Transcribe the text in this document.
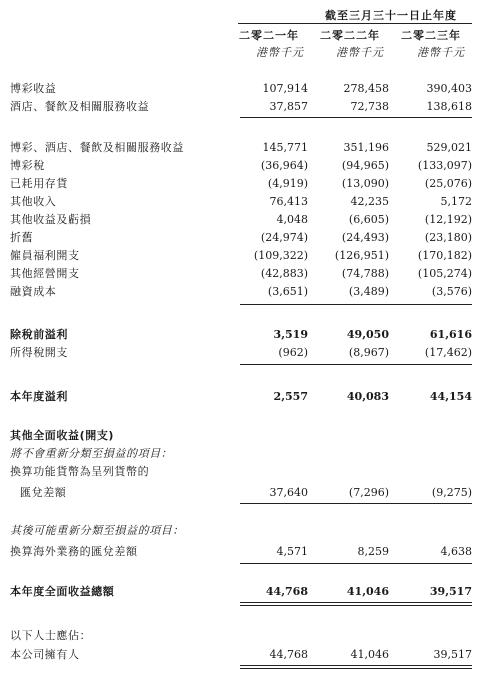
截至三月三十一日止年度
二零二一年 二零二二年 二零二三年
港幣千元	港幣千元	港幣千元
博彩收益	107,914	278,458	390,403
酒店、餐飲及相關服務收益	37,857	72,738	138,618
博彩、酒店、餐飲及相關服務收益	145,771	351,196	529,021
博彩稅	(36,964)	(94,965)	(133,097)
已耗用存貨	(4,919)	(13,090)	(25,076)
其他收入	76,413	42,235	5,172
其他收益及虧損	4,048	(6,605)	(12,192)
折舊	(24,974)	(24,493)	(23,180)
僱員福利開支	(109,322) (126,951)	(170,182)
其他經營開支	(42,883)	(74,788)	(105,274)
融資成本	(3,651)	(3,489)	(3,576)
除稅前溢利	3,519	49,050	61,616
所得稅開支	(962)	(8,967)	(17,462)
本年度溢利	2,557	40,083	44,154
其他全面收益(開支)
將不會重新分類至損益的項目：
換算功能貨幣為呈列貨幣的
匯兌差額	37,640	(7,296)	(9,275)
其後可能重新分類至損益的項目：
換算海外業務的匯兌差額	4,571	8,259	4,638
本年度全面收益總額	44,768	41,046	39,517
以下人士應佔：
本公司擁有人	44,768	41,046	39,517
